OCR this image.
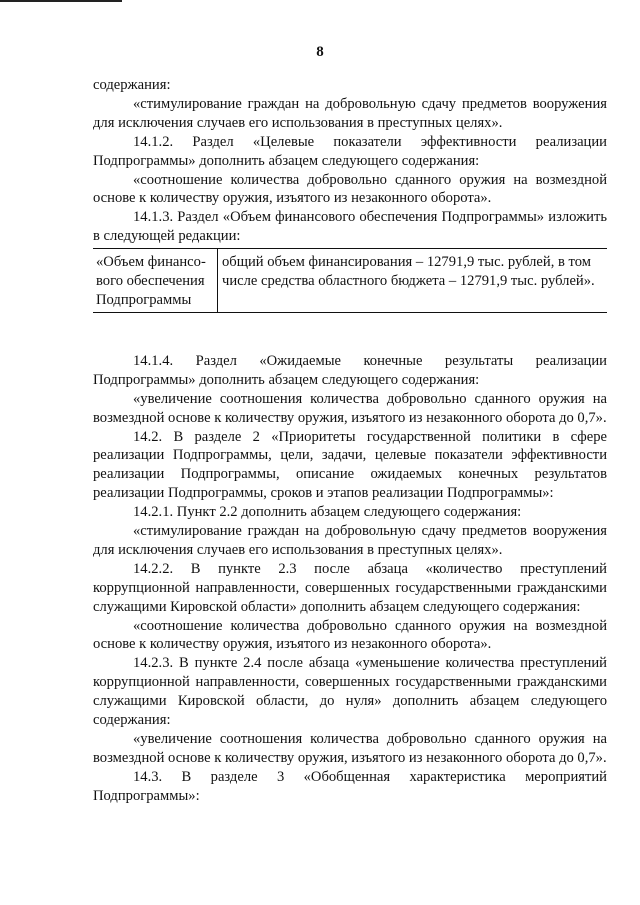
8

содержания:

«стимулирование граждан на добровольную сдачу предметов вооружения для исключения случаев его использования в преступных целях».

14.1.2. Раздел «Целевые показатели эффективности реализации Подпрограммы» дополнить абзацем следующего содержания:

«соотношение количества добровольно сданного оружия на возмездной основе к количеству оружия, изъятого из незаконного оборота».

14.1.3. Раздел «Объем финансового обеспечения Подпрограммы» изложить в следующей редакции:

«Объем финансо-
вого обеспечения
Подпрограммы
общий объем финансирования – 12791,9 тыс. рублей, в том
числе средства областного бюджета – 12791,9 тыс. рублей».

14.1.4. Раздел «Ожидаемые конечные результаты реализации Подпрограммы» дополнить абзацем следующего содержания:

«увеличение соотношения количества добровольно сданного оружия на возмездной основе к количеству оружия, изъятого из незаконного оборота до 0,7».

14.2. В разделе 2 «Приоритеты государственной политики в сфере реализации Подпрограммы, цели, задачи, целевые показатели эффективности реализации Подпрограммы, описание ожидаемых конечных результатов реализации Подпрограммы, сроков и этапов реализации Подпрограммы»:

14.2.1. Пункт 2.2 дополнить абзацем следующего содержания:

«стимулирование граждан на добровольную сдачу предметов вооружения для исключения случаев его использования в преступных целях».

14.2.2. В пункте 2.3 после абзаца «количество преступлений коррупционной направленности, совершенных государственными гражданскими служащими Кировской области» дополнить абзацем следующего содержания:

«соотношение количества добровольно сданного оружия на возмездной основе к количеству оружия, изъятого из незаконного оборота».

14.2.3. В пункте 2.4 после абзаца «уменьшение количества преступлений коррупционной направленности, совершенных государственными гражданскими служащими Кировской области, до нуля» дополнить абзацем следующего содержания:

«увеличение соотношения количества добровольно сданного оружия на возмездной основе к количеству оружия, изъятого из незаконного оборота до 0,7».

14.3. В разделе 3 «Обобщенная характеристика мероприятий Подпрограммы»:
